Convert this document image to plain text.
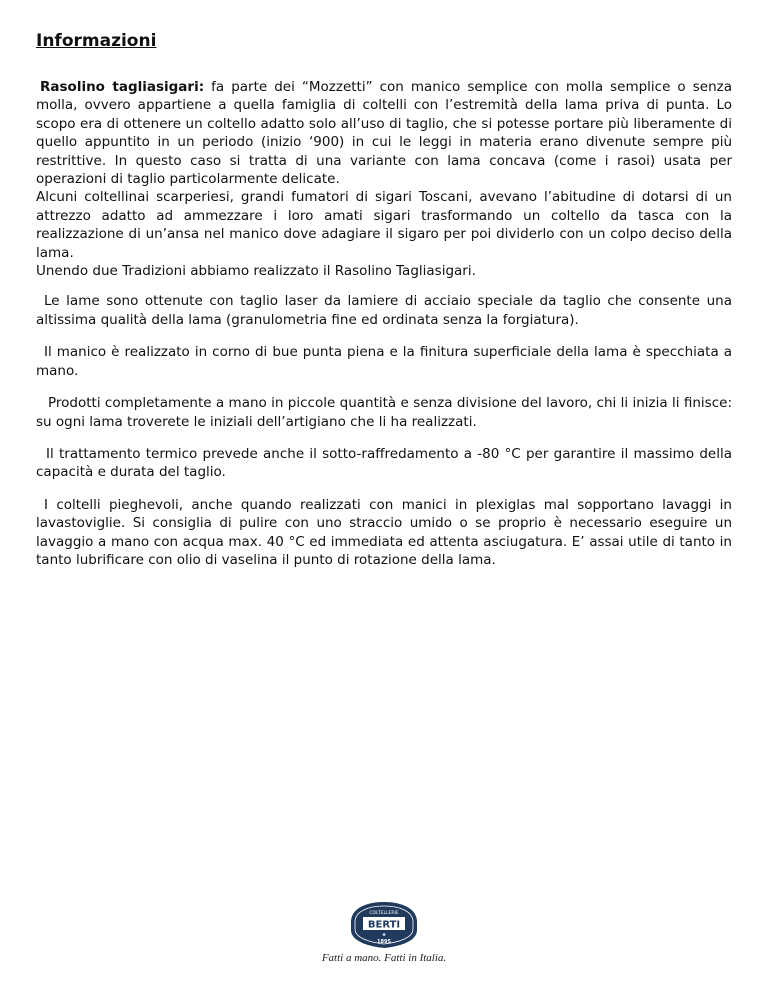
Informazioni

Rasolino tagliasigari: fa parte dei “Mozzetti” con manico semplice con molla semplice o senza molla, ovvero appartiene a quella famiglia di coltelli con l’estremità della lama priva di punta. Lo scopo era di ottenere un coltello adatto solo all’uso di taglio, che si potesse portare più liberamente di quello appuntito in un periodo (inizio ‘900) in cui le leggi in materia erano divenute sempre più restrittive. In questo caso si tratta di una variante con lama concava (come i rasoi) usata per operazioni di taglio particolarmente delicate.
Alcuni coltellinai scarperiesi, grandi fumatori di sigari Toscani, avevano l’abitudine di dotarsi di un attrezzo adatto ad ammezzare i loro amati sigari trasformando un coltello da tasca con la realizzazione di un’ansa nel manico dove adagiare il sigaro per poi dividerlo con un colpo deciso della lama.
Unendo due Tradizioni abbiamo realizzato il Rasolino Tagliasigari.

Le lame sono ottenute con taglio laser da lamiere di acciaio speciale da taglio che consente una altissima qualità della lama (granulometria fine ed ordinata senza la forgiatura).

Il manico è realizzato in corno di bue punta piena e la finitura superficiale della lama è specchiata a mano.

Prodotti completamente a mano in piccole quantità e senza divisione del lavoro, chi li inizia li finisce: su ogni lama troverete le iniziali dell’artigiano che li ha realizzati.

Il trattamento termico prevede anche il sotto-raffredamento a -80 °C per garantire il massimo della capacità e durata del taglio.

I coltelli pieghevoli, anche quando realizzati con manici in plexiglas mal sopportano lavaggi in lavastoviglie. Si consiglia di pulire con uno straccio umido o se proprio è necessario eseguire un lavaggio a mano con acqua max. 40 °C ed immediata ed attenta asciugatura. E’ assai utile di tanto in tanto lubrificare con olio di vaselina il punto di rotazione della lama.

COLTELLERIE
BERTI
✱
1895
Fatti a mano. Fatti in Italia.
